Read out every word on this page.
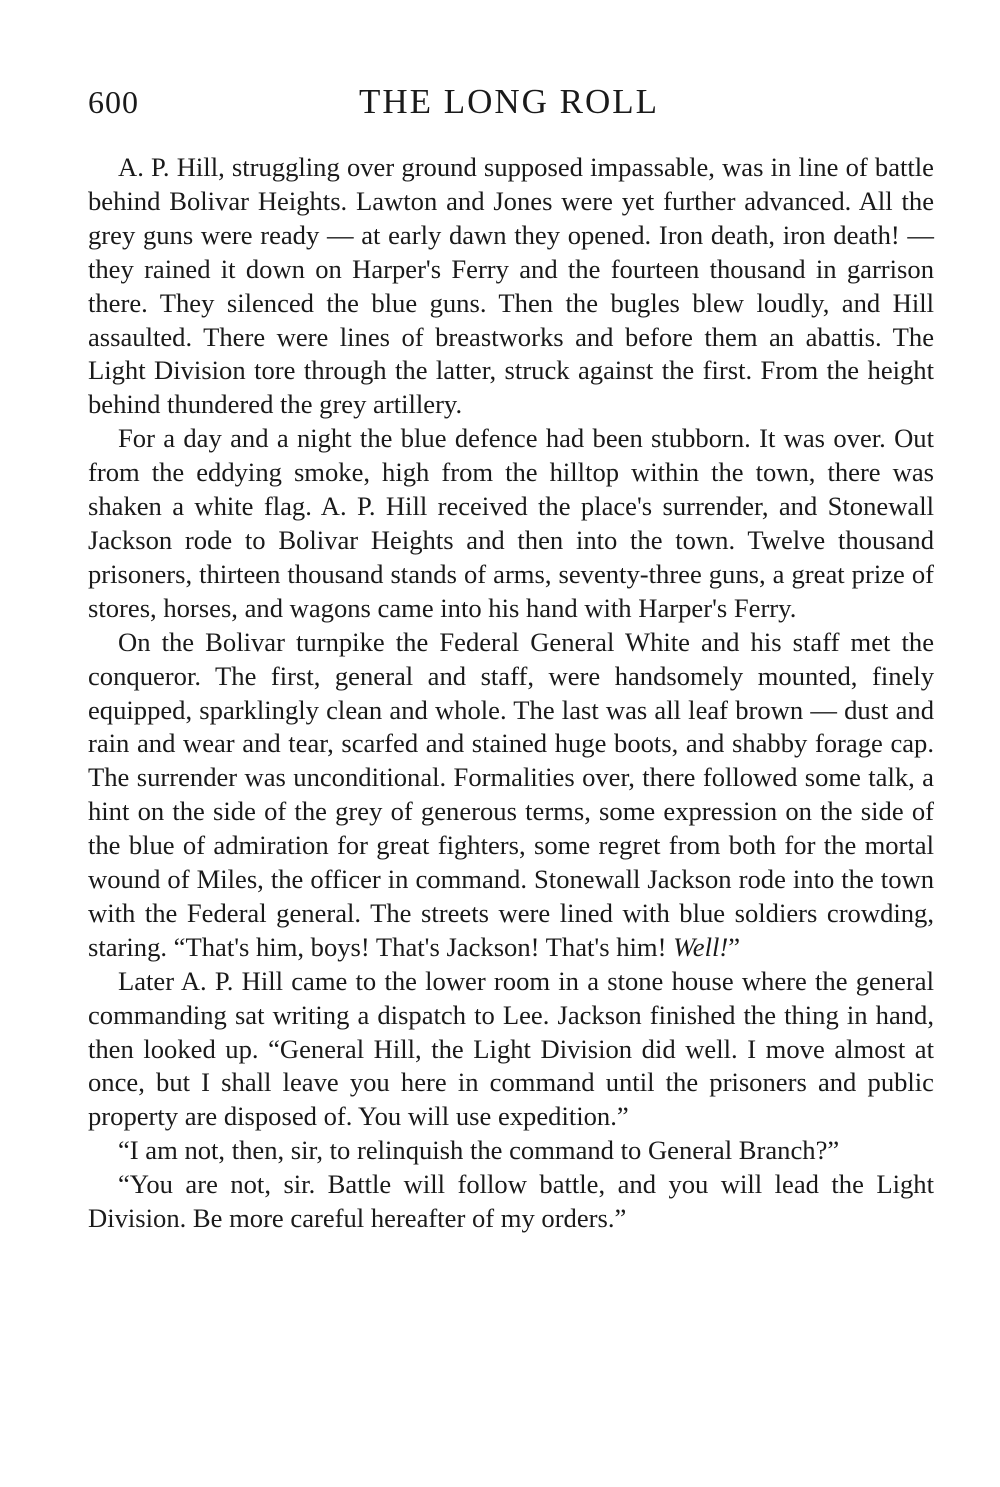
600	THE LONG ROLL

A. P. Hill, struggling over ground supposed impassable, was in line of battle behind Bolivar Heights. Lawton and Jones were yet further advanced. All the grey guns were ready — at early dawn they opened. Iron death, iron death! — they rained it down on Harper's Ferry and the fourteen thousand in garrison there. They silenced the blue guns. Then the bugles blew loudly, and Hill assaulted. There were lines of breastworks and before them an abattis. The Light Division tore through the latter, struck against the first. From the height behind thundered the grey artillery.

For a day and a night the blue defence had been stubborn. It was over. Out from the eddying smoke, high from the hilltop within the town, there was shaken a white flag. A. P. Hill received the place's surrender, and Stonewall Jackson rode to Bolivar Heights and then into the town. Twelve thousand prisoners, thirteen thousand stands of arms, seventy-three guns, a great prize of stores, horses, and wagons came into his hand with Harper's Ferry.

On the Bolivar turnpike the Federal General White and his staff met the conqueror. The first, general and staff, were handsomely mounted, finely equipped, sparklingly clean and whole. The last was all leaf brown — dust and rain and wear and tear, scarfed and stained huge boots, and shabby forage cap. The surrender was unconditional. Formalities over, there followed some talk, a hint on the side of the grey of generous terms, some expression on the side of the blue of admiration for great fighters, some regret from both for the mortal wound of Miles, the officer in command. Stonewall Jackson rode into the town with the Federal general. The streets were lined with blue soldiers crowding, staring. “That's him, boys! That's Jackson! That's him! Well!”

Later A. P. Hill came to the lower room in a stone house where the general commanding sat writing a dispatch to Lee. Jackson finished the thing in hand, then looked up. “General Hill, the Light Division did well. I move almost at once, but I shall leave you here in command until the prisoners and public property are disposed of. You will use expedition.”

“I am not, then, sir, to relinquish the command to General Branch?”

“You are not, sir. Battle will follow battle, and you will lead the Light Division. Be more careful hereafter of my orders.”
